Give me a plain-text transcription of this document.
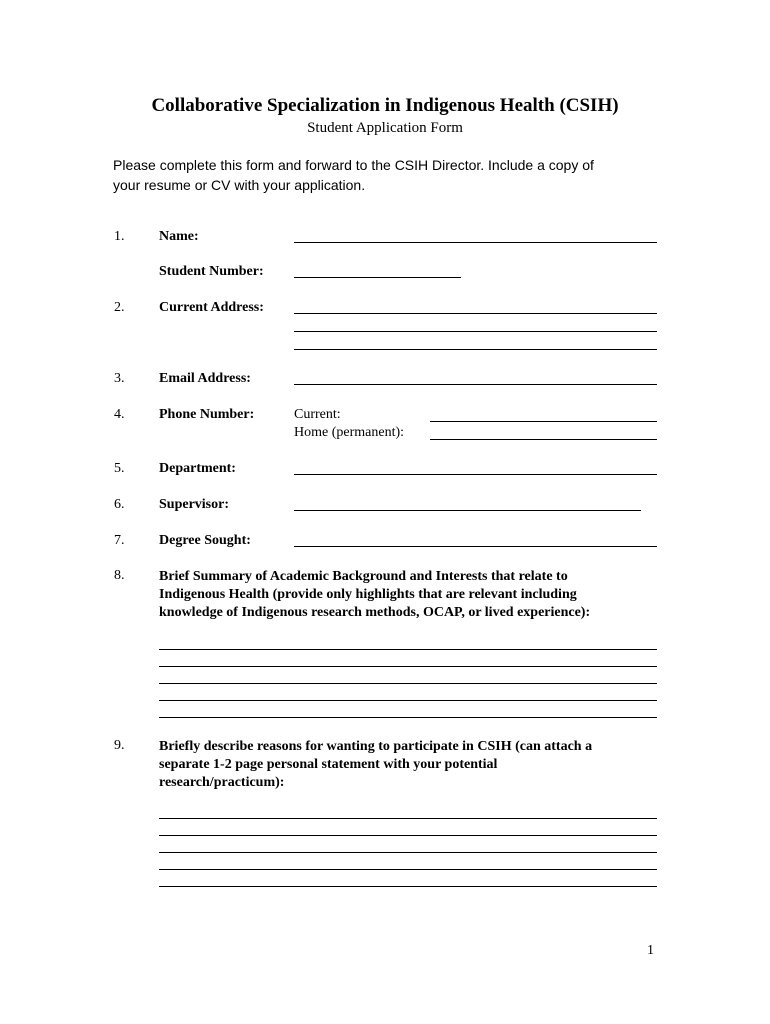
Collaborative Specialization in Indigenous Health (CSIH)
Student Application Form
Please complete this form and forward to the CSIH Director. Include a copy of
your resume or CV with your application.
1. Name:
Student Number:
2. Current Address:
3. Email Address:
4. Phone Number:	Current:
Home (permanent):
5. Department:
6. Supervisor:
7. Degree Sought:
8. Brief Summary of Academic Background and Interests that relate to
Indigenous Health (provide only highlights that are relevant including
knowledge of Indigenous research methods, OCAP, or lived experience):
9. Briefly describe reasons for wanting to participate in CSIH (can attach a
separate 1-2 page personal statement with your potential
research/practicum):
1
